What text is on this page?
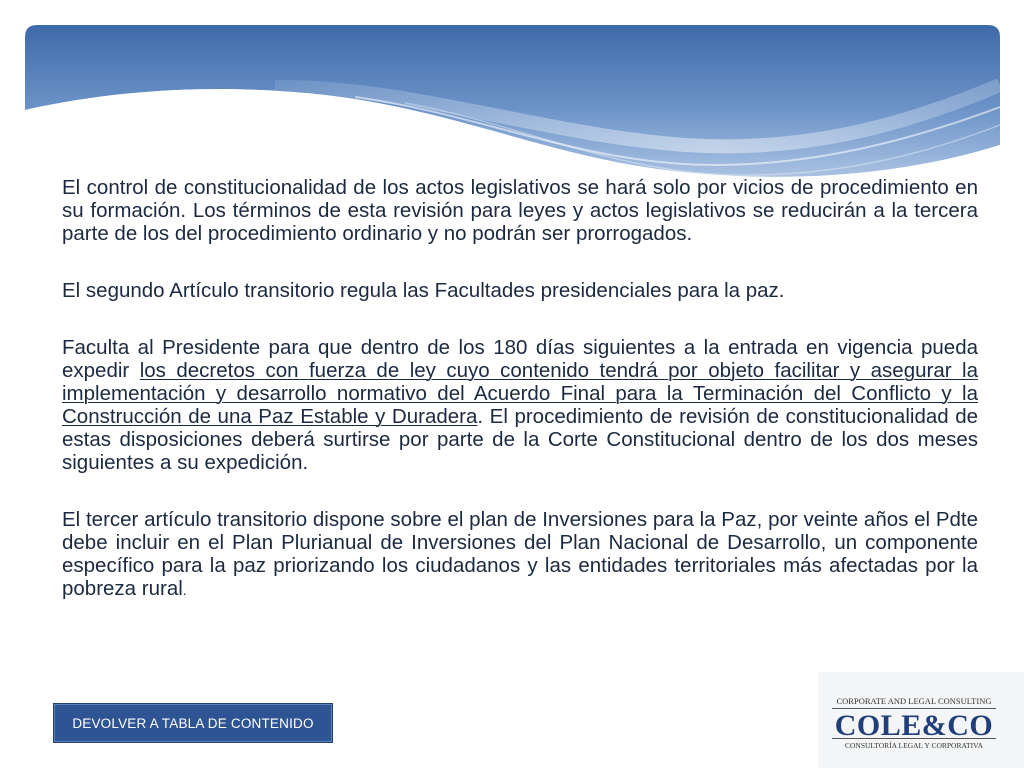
El control de constitucionalidad de los actos legislativos se hará solo por vicios de procedimiento en su formación. Los términos de esta revisión para leyes y actos legislativos se reducirán a la tercera parte de los del procedimiento ordinario y no podrán ser prorrogados.

El segundo Artículo transitorio regula las Facultades presidenciales para la paz.

Faculta al Presidente para que dentro de los 180 días siguientes a la entrada en vigencia pueda expedir los decretos con fuerza de ley cuyo contenido tendrá por objeto facilitar y asegurar la implementación y desarrollo normativo del Acuerdo Final para la Terminación del Conflicto y la Construcción de una Paz Estable y Duradera. El procedimiento de revisión de constitucionalidad de estas disposiciones deberá surtirse por parte de la Corte Constitucional dentro de los dos meses siguientes a su expedición.

El tercer artículo transitorio dispone sobre el plan de Inversiones para la Paz, por veinte años el Pdte debe incluir en el Plan Plurianual de Inversiones del Plan Nacional de Desarrollo, un componente específico para la paz priorizando los ciudadanos y las entidades territoriales más afectadas por la pobreza rural.

DEVOLVER A TABLA DE CONTENIDO
CORPORATE AND LEGAL CONSULTING
COLE&CO
CONSULTORÍA LEGAL Y CORPORATIVA
